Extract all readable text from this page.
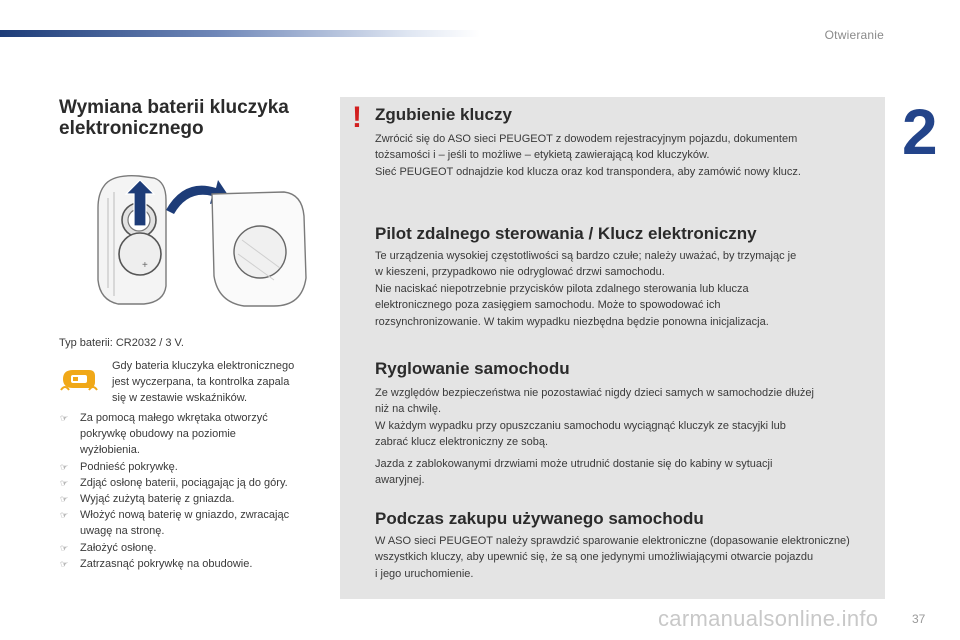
Otwieranie
2
Wymiana baterii kluczyka
elektronicznego
+
Typ baterii: CR2032 / 3 V.
Gdy bateria kluczyka elektronicznego
jest wyczerpana, ta kontrolka zapala
się w zestawie wskaźników.
☞ Za pomocą małego wkrętaka otworzyć
pokrywkę obudowy na poziomie
wyżłobienia.
☞ Podnieść pokrywkę.
☞ Zdjąć osłonę baterii, pociągając ją do góry.
☞ Wyjąć zużytą baterię z gniazda.
☞ Włożyć nową baterię w gniazdo, zwracając
uwagę na stronę.
☞ Założyć osłonę.
☞ Zatrzasnąć pokrywkę na obudowie.
! Zgubienie kluczy
Zwrócić się do ASO sieci PEUGEOT z dowodem rejestracyjnym pojazdu, dokumentem
tożsamości i – jeśli to możliwe – etykietą zawierającą kod kluczyków.
Sieć PEUGEOT odnajdzie kod klucza oraz kod transpondera, aby zamówić nowy klucz.
Pilot zdalnego sterowania / Klucz elektroniczny
Te urządzenia wysokiej częstotliwości są bardzo czułe; należy uważać, by trzymając je
w kieszeni, przypadkowo nie odryglować drzwi samochodu.
Nie naciskać niepotrzebnie przycisków pilota zdalnego sterowania lub klucza
elektronicznego poza zasięgiem samochodu. Może to spowodować ich
rozsynchronizowanie. W takim wypadku niezbędna będzie ponowna inicjalizacja.
Ryglowanie samochodu
Ze względów bezpieczeństwa nie pozostawiać nigdy dzieci samych w samochodzie dłużej
niż na chwilę.
W każdym wypadku przy opuszczaniu samochodu wyciągnąć kluczyk ze stacyjki lub
zabrać klucz elektroniczny ze sobą.
Jazda z zablokowanymi drzwiami może utrudnić dostanie się do kabiny w sytuacji
awaryjnej.
Podczas zakupu używanego samochodu
W ASO sieci PEUGEOT należy sprawdzić sparowanie elektroniczne (dopasowanie elektroniczne)
wszystkich kluczy, aby upewnić się, że są one jedynymi umożliwiającymi otwarcie pojazdu
i jego uruchomienie.
carmanualsonline.info	37
